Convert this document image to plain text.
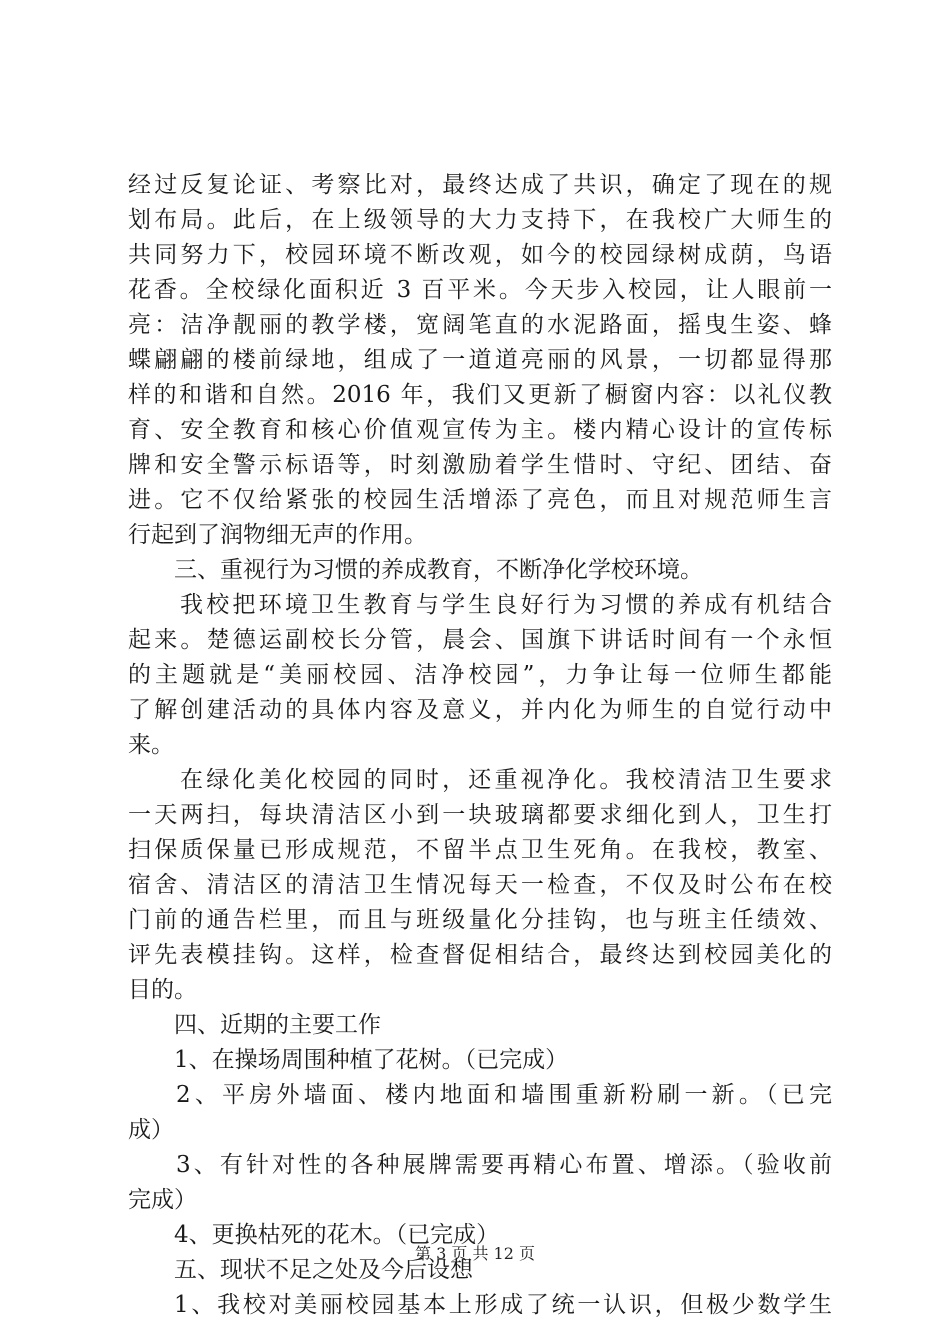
经过反复论证、考察比对，最终达成了共识，确定了现在的规
划布局。此后，在上级领导的大力支持下，在我校广大师生的
共同努力下，校园环境不断改观，如今的校园绿树成荫，鸟语
花香。全校绿化面积近 3 百平米。今天步入校园，让人眼前一
亮：洁净靓丽的教学楼，宽阔笔直的水泥路面，摇曳生姿、蜂
蝶翩翩的楼前绿地，组成了一道道亮丽的风景，一切都显得那
样的和谐和自然。2016 年，我们又更新了橱窗内容：以礼仪教
育、安全教育和核心价值观宣传为主。楼内精心设计的宣传标
牌和安全警示标语等，时刻激励着学生惜时、守纪、团结、奋
进。它不仅给紧张的校园生活增添了亮色，而且对规范师生言
行起到了润物细无声的作用。
三、重视行为习惯的养成教育，不断净化学校环境。
我校把环境卫生教育与学生良好行为习惯的养成有机结合
起来。楚德运副校长分管，晨会、国旗下讲话时间有一个永恒
的主题就是“美丽校园、洁净校园”，力争让每一位师生都能
了解创建活动的具体内容及意义，并内化为师生的自觉行动中
来。
在绿化美化校园的同时，还重视净化。我校清洁卫生要求
一天两扫，每块清洁区小到一块玻璃都要求细化到人，卫生打
扫保质保量已形成规范，不留半点卫生死角。在我校，教室、
宿舍、清洁区的清洁卫生情况每天一检查，不仅及时公布在校
门前的通告栏里，而且与班级量化分挂钩，也与班主任绩效、
评先表模挂钩。这样，检查督促相结合，最终达到校园美化的
目的。
四、近期的主要工作
1、在操场周围种植了花树。（已完成）
2、平房外墙面、楼内地面和墙围重新粉刷一新。（已完
成）
3、有针对性的各种展牌需要再精心布置、增添。（验收前
完成）
4、更换枯死的花木。（已完成）
五、现状不足之处及今后设想
1、我校对美丽校园基本上形成了统一认识，但极少数学生
第 3 页 共 12 页
